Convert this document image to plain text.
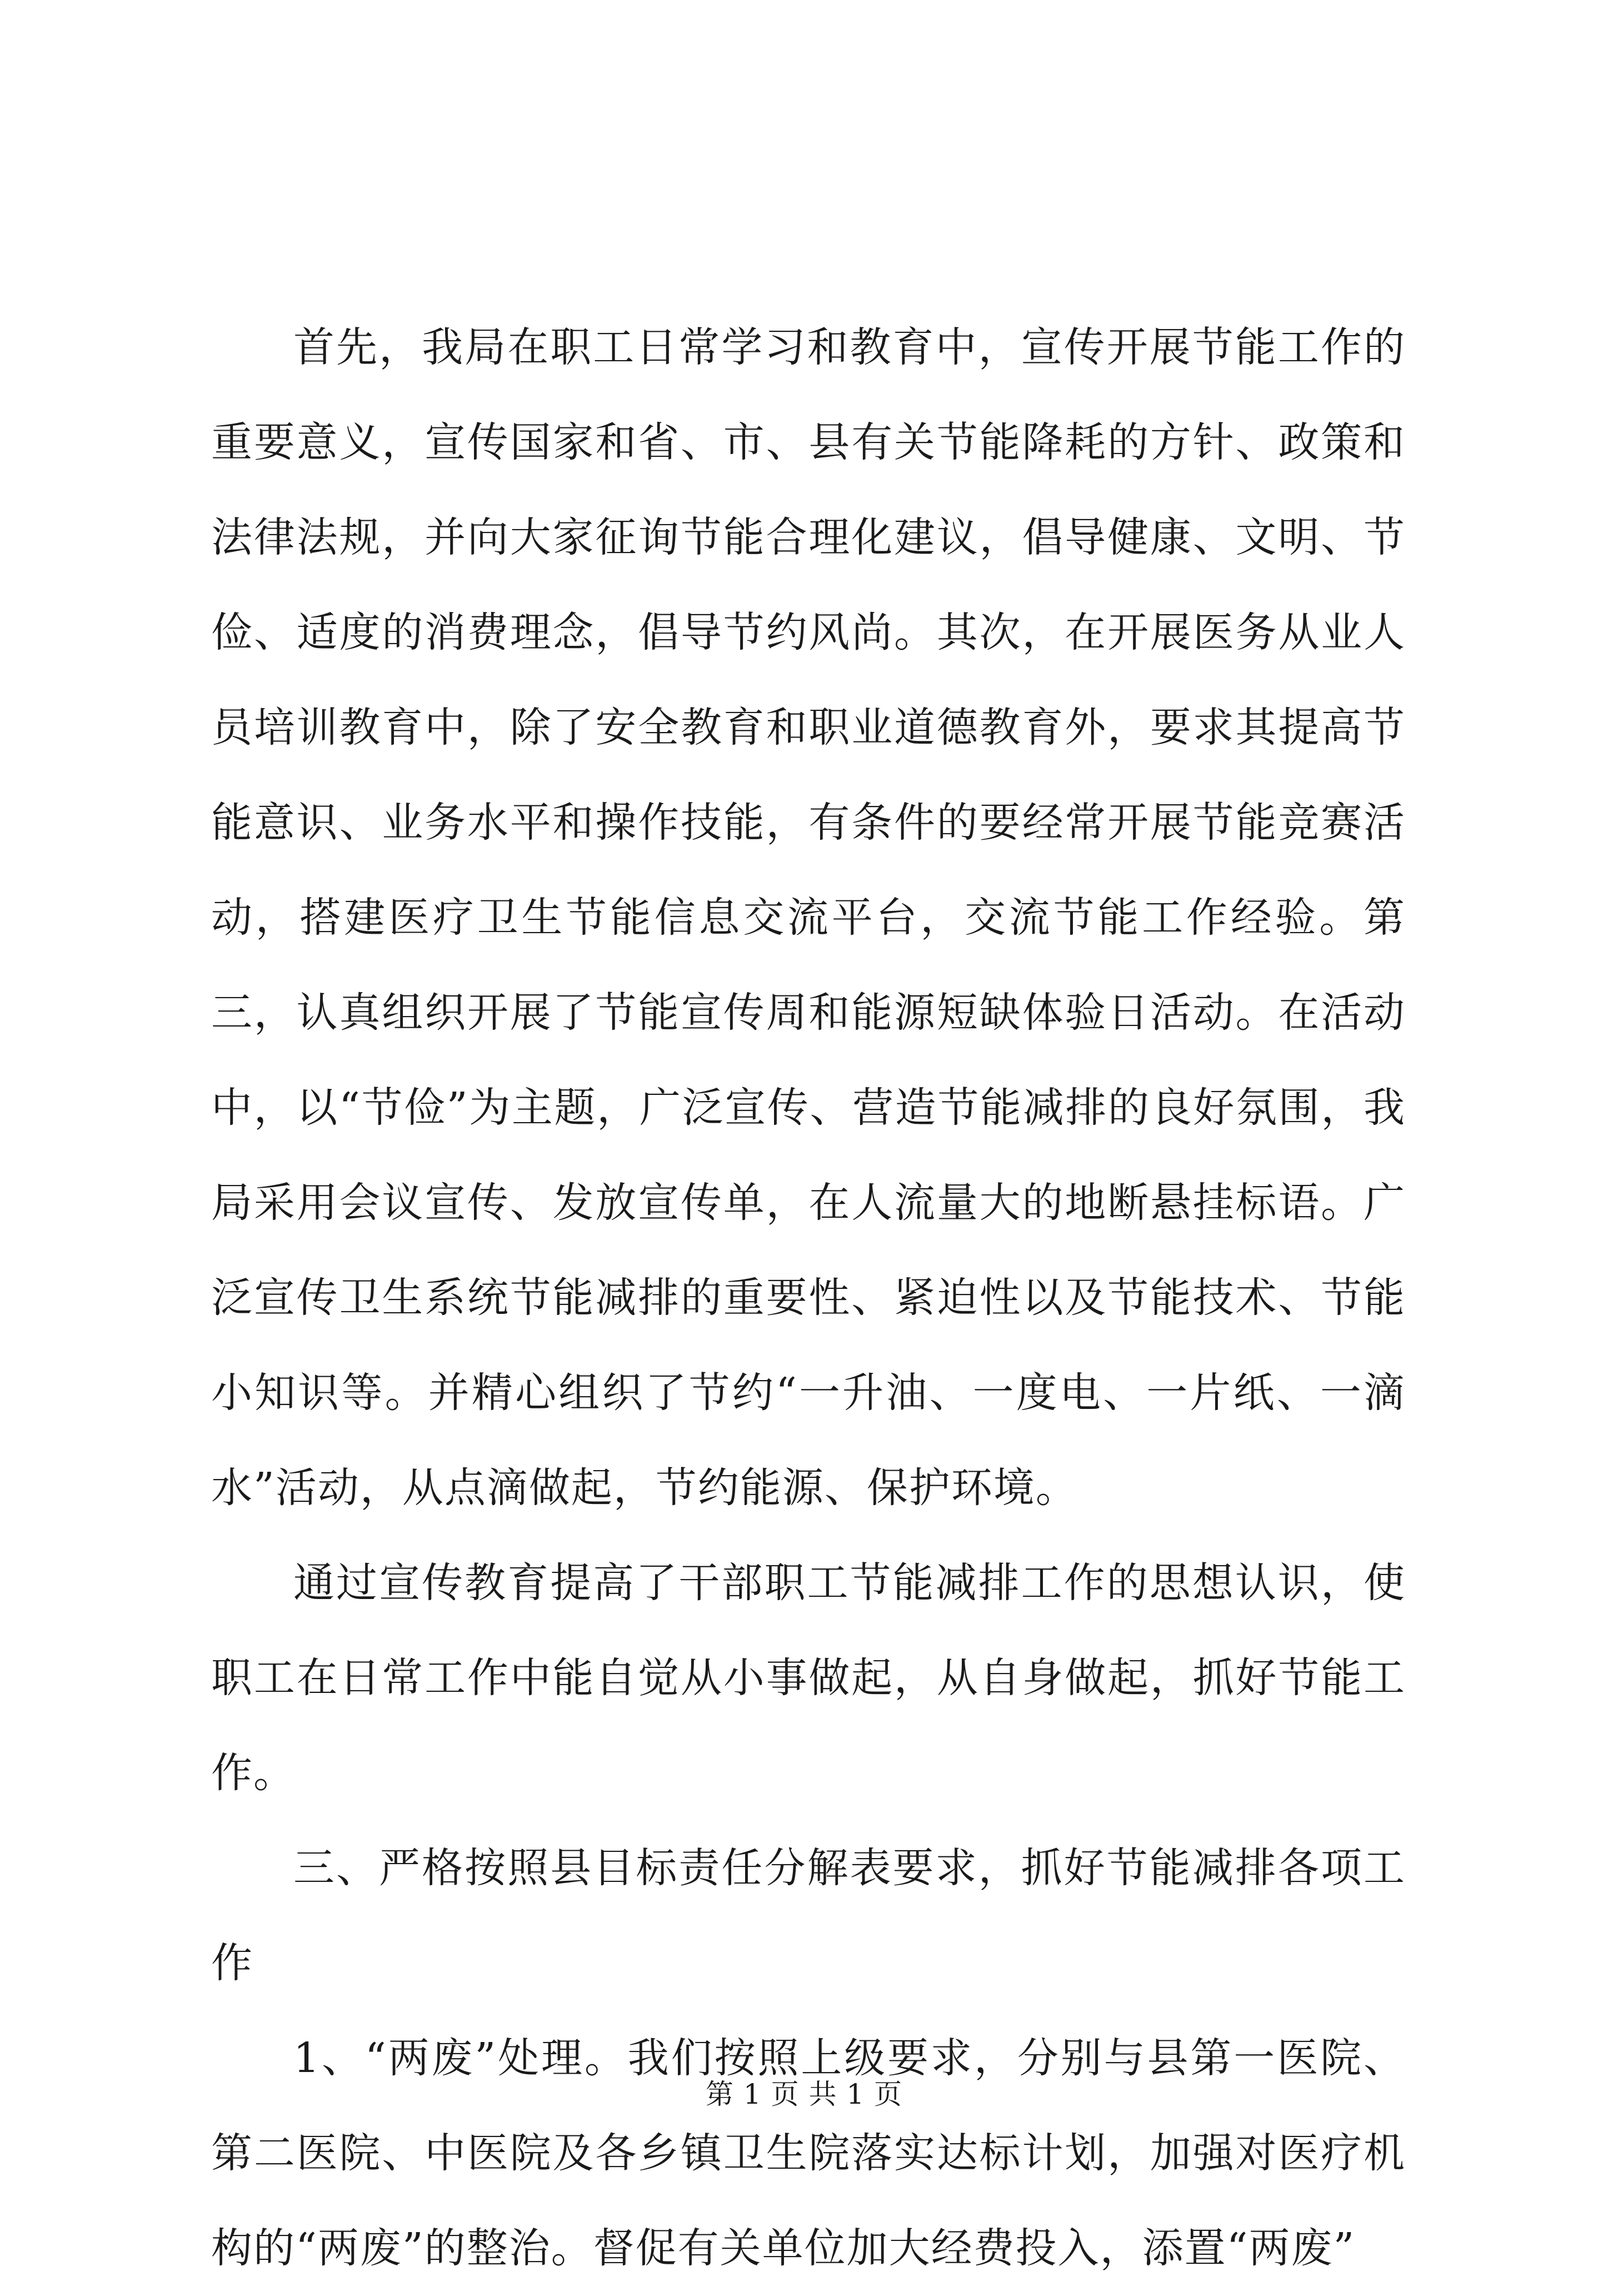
首先，我局在职工日常学习和教育中，宣传开展节能工作的重要意义，宣传国家和省、市、县有关节能降耗的方针、政策和法律法规，并向大家征询节能合理化建议，倡导健康、文明、节俭、适度的消费理念，倡导节约风尚。其次，在开展医务从业人员培训教育中，除了安全教育和职业道德教育外，要求其提高节能意识、业务水平和操作技能，有条件的要经常开展节能竞赛活动，搭建医疗卫生节能信息交流平台，交流节能工作经验。第三，认真组织开展了节能宣传周和能源短缺体验日活动。在活动中，以“节俭”为主题，广泛宣传、营造节能减排的良好氛围，我局采用会议宣传、发放宣传单，在人流量大的地断悬挂标语。广泛宣传卫生系统节能减排的重要性、紧迫性以及节能技术、节能小知识等。并精心组织了节约“一升油、一度电、一片纸、一滴水”活动，从点滴做起，节约能源、保护环境。

通过宣传教育提高了干部职工节能减排工作的思想认识，使职工在日常工作中能自觉从小事做起，从自身做起，抓好节能工作。

三、严格按照县目标责任分解表要求，抓好节能减排各项工作

1、“两废”处理。我们按照上级要求，分别与县第一医院、第二医院、中医院及各乡镇卫生院落实达标计划，加强对医疗机构的“两废”的整治。督促有关单位加大经费投入，添置“两废”

第 1 页 共 1 页
